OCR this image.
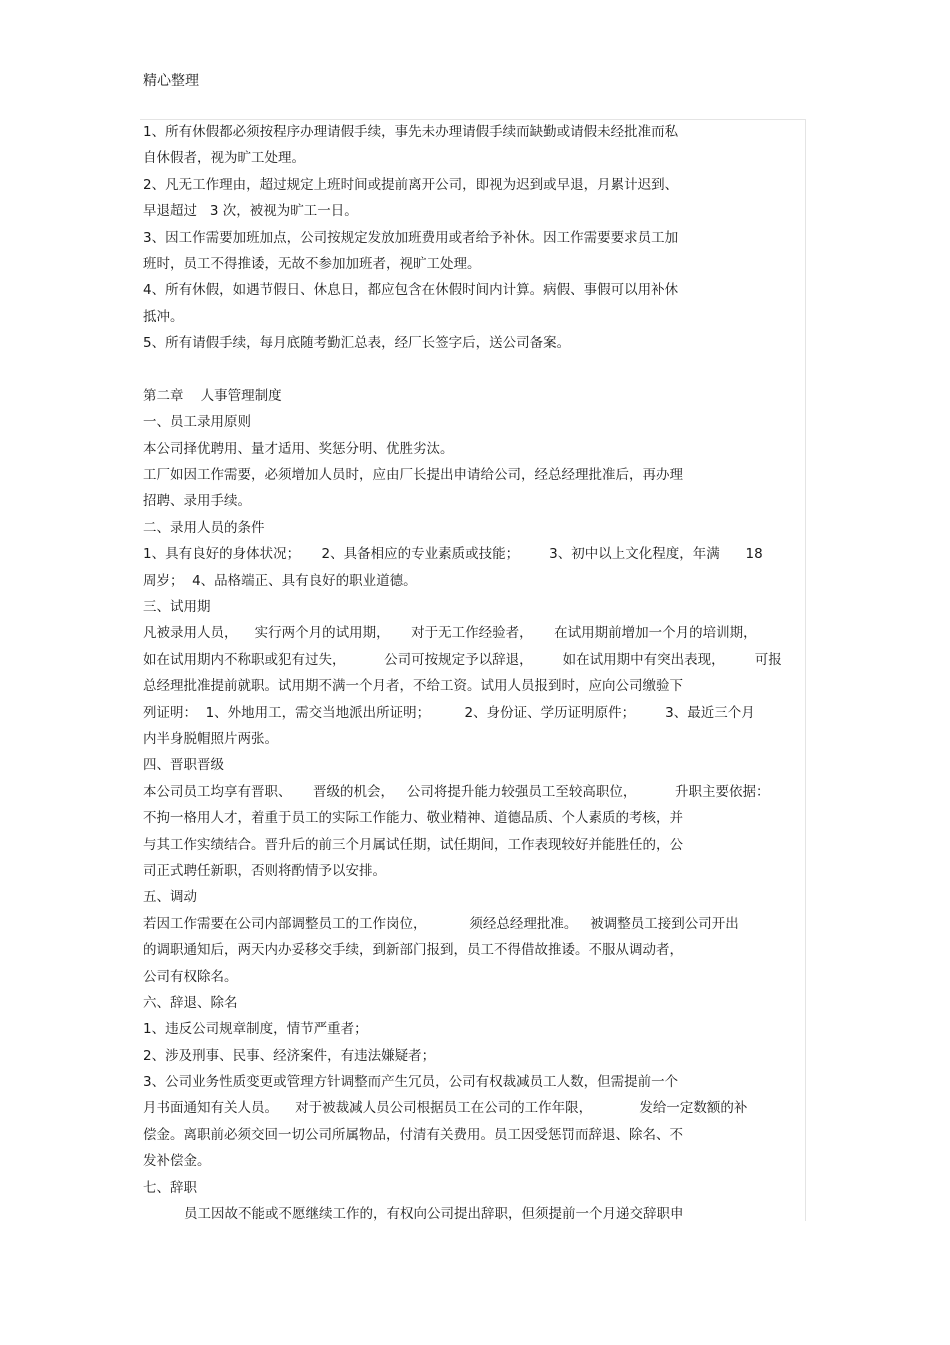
精心整理
1、所有休假都必须按程序办理请假手续，事先未办理请假手续而缺勤或请假未经批准而私
自休假者，视为旷工处理。
2、凡无工作理由，超过规定上班时间或提前离开公司，即视为迟到或早退，月累计迟到、
早退超过   3 次，被视为旷工一日。
3、因工作需要加班加点，公司按规定发放加班费用或者给予补休。因工作需要要求员工加
班时，员工不得推诿，无故不参加加班者，视旷工处理。
4、所有休假，如遇节假日、休息日，都应包含在休假时间内计算。病假、事假可以用补休
抵冲。
5、所有请假手续，每月底随考勤汇总表，经厂长签字后，送公司备案。
第二章    人事管理制度
一、员工录用原则
本公司择优聘用、量才适用、奖惩分明、优胜劣汰。
工厂如因工作需要，必须增加人员时，应由厂长提出申请给公司，经总经理批准后，再办理
招聘、录用手续。
二、录用人员的条件
1、具有良好的身体状况；     2、具备相应的专业素质或技能；       3、初中以上文化程度，年满      18
周岁；  4、品格端正、具有良好的职业道德。
三、试用期
凡被录用人员，    实行两个月的试用期，     对于无工作经验者，     在试用期前增加一个月的培训期，
如在试用期内不称职或犯有过失，         公司可按规定予以辞退，       如在试用期中有突出表现，       可报
总经理批准提前就职。试用期不满一个月者，不给工资。试用人员报到时，应向公司缴验下
列证明：  1、外地用工，需交当地派出所证明；        2、身份证、学历证明原件；       3、最近三个月
内半身脱帽照片两张。
四、晋职晋级
本公司员工均享有晋职、     晋级的机会，   公司将提升能力较强员工至较高职位，         升职主要依据：
不拘一格用人才，着重于员工的实际工作能力、敬业精神、道德品质、个人素质的考核，并
与其工作实绩结合。晋升后的前三个月属试任期，试任期间，工作表现较好并能胜任的，公
司正式聘任新职，否则将酌情予以安排。
五、调动
若因工作需要在公司内部调整员工的工作岗位，          须经总经理批准。   被调整员工接到公司开出
的调职通知后，两天内办妥移交手续，到新部门报到，员工不得借故推诿。不服从调动者，
公司有权除名。
六、辞退、除名
1、违反公司规章制度，情节严重者；
2、涉及刑事、民事、经济案件，有违法嫌疑者；
3、公司业务性质变更或管理方针调整而产生冗员，公司有权裁减员工人数，但需提前一个
月书面通知有关人员。    对于被裁减人员公司根据员工在公司的工作年限，           发给一定数额的补
偿金。离职前必须交回一切公司所属物品，付清有关费用。员工因受惩罚而辞退、除名、不
发补偿金。
七、辞职
员工因故不能或不愿继续工作的，有权向公司提出辞职，但须提前一个月递交辞职申
